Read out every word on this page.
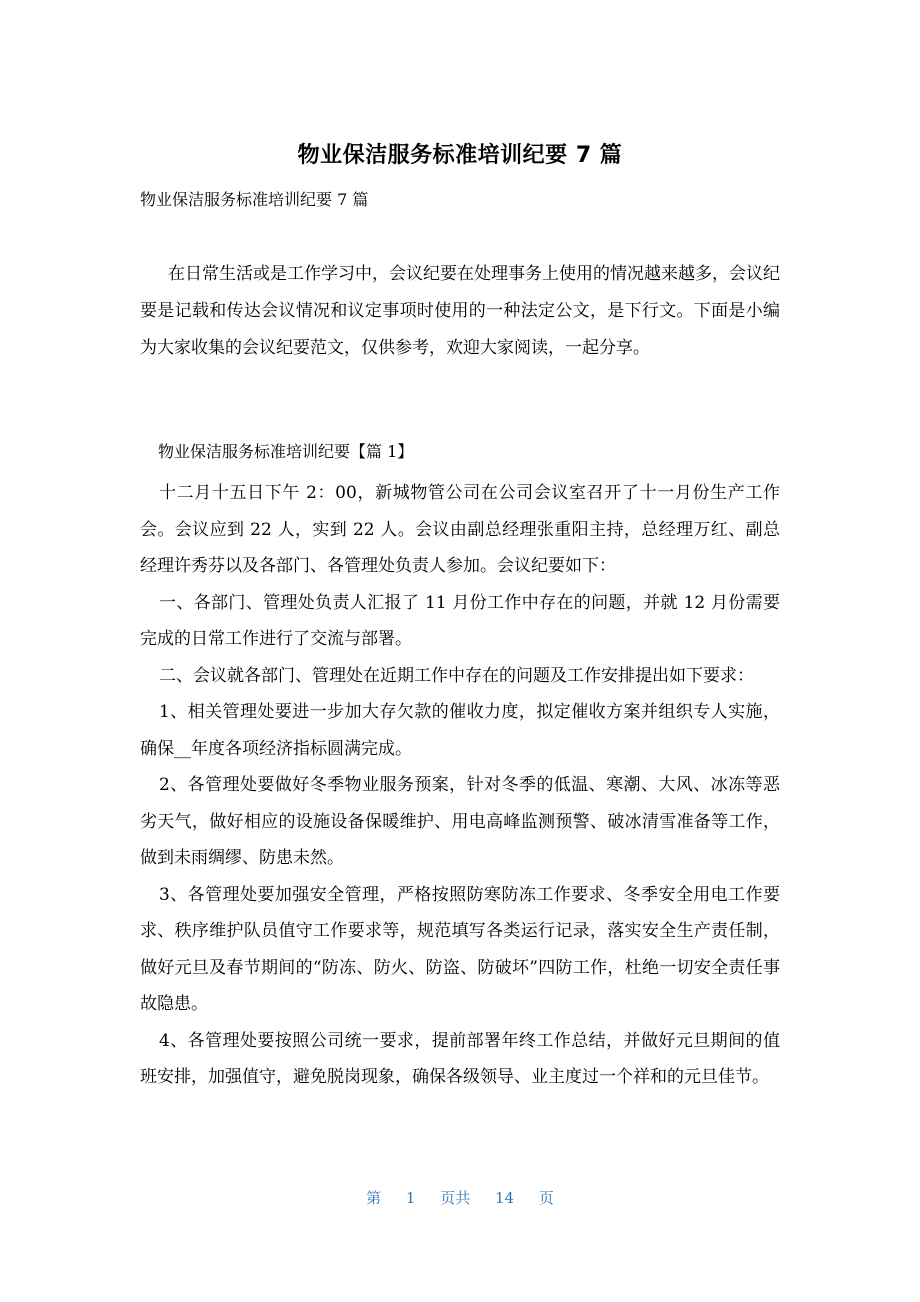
物业保洁服务标准培训纪要 7 篇
物业保洁服务标准培训纪要 7 篇

在日常生活或是工作学习中，会议纪要在处理事务上使用的情况越来越多，会议纪要是记载和传达会议情况和议定事项时使用的一种法定公文，是下行文。下面是小编为大家收集的会议纪要范文，仅供参考，欢迎大家阅读，一起分享。

物业保洁服务标准培训纪要【篇 1】

十二月十五日下午 2：00，新城物管公司在公司会议室召开了十一月份生产工作会。会议应到 22 人，实到 22 人。会议由副总经理张重阳主持，总经理万红、副总经理许秀芬以及各部门、各管理处负责人参加。会议纪要如下：

一、各部门、管理处负责人汇报了 11 月份工作中存在的问题，并就 12 月份需要完成的日常工作进行了交流与部署。

二、会议就各部门、管理处在近期工作中存在的问题及工作安排提出如下要求：

1、相关管理处要进一步加大存欠款的催收力度，拟定催收方案并组织专人实施，确保__年度各项经济指标圆满完成。

2、各管理处要做好冬季物业服务预案，针对冬季的低温、寒潮、大风、冰冻等恶劣天气，做好相应的设施设备保暖维护、用电高峰监测预警、破冰清雪准备等工作，做到未雨绸缪、防患未然。

3、各管理处要加强安全管理，严格按照防寒防冻工作要求、冬季安全用电工作要求、秩序维护队员值守工作要求等，规范填写各类运行记录，落实安全生产责任制，做好元旦及春节期间的“防冻、防火、防盗、防破坏”四防工作，杜绝一切安全责任事故隐患。

4、各管理处要按照公司统一要求，提前部署年终工作总结，并做好元旦期间的值班安排，加强值守，避免脱岗现象，确保各级领导、业主度过一个祥和的元旦佳节。

第 1 页共 14 页
